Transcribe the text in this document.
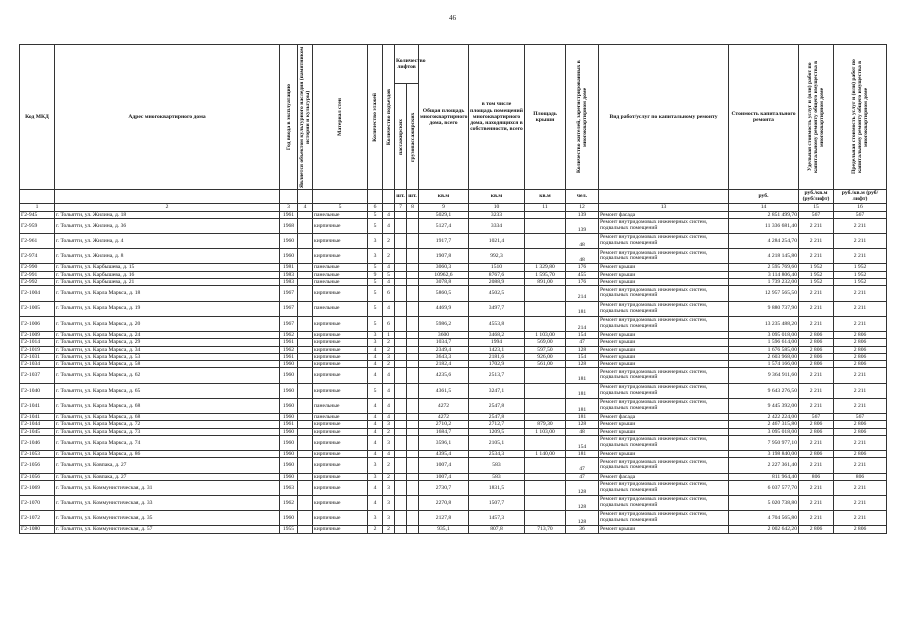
46
Код МКД	Адрес многоквартирного дома	Год ввода в эксплуатацию	Является объектом культурного наследия (памятником истории и культуры)	Материал стен	Количество этажей	Количество подъездов	Количество лифтов		Общая площадь многоквартирного дома, всего	в том числе площадь помещений многоквартирного дома, находящихся в собственности, всего	Площадь крыши	Количество жителей, зарегистрированных в многоквартирном доме	Вид работ/услуг по капитальному ремонту	Стоимость капитального ремонта	Удельная стоимость услуг и (или) работ по капитальному ремонту общего имущества в многоквартирном доме	Предельная стоимость услуг и (или) работ по капитальному ремонту общего имущества в многоквартирном доме

							пассажирских	грузопассажирских								

							шт.	шт.	кв.м	кв.м	кв.м	чел.		руб.	руб./кв.м (руб/лифт)	руб./кв.м (руб/лифт)
1	2	3	4	5	6		7	8	9	10	11	12	13	14	15	16
Г2-945	г. Тольятти, ул. Жилина, д. 18	1961		панельные	5	4			5029,1	3233		139	Ремонт фасада	2 851 499,70	567	567
Г2-959	г. Тольятти, ул. Жилина, д. 36	1968		кирпичные	5	4			5127,4	3334		139	Ремонт внутридомовых инженерных систем, подвальных помещений	11 336 681,40	2 211	2 211
Г2-961	г. Тольятти, ул. Жилина, д. 4	1960		кирпичные	3	2			1917,7	1021,4		48	Ремонт внутридомовых инженерных систем, подвальных помещений	4 284 254,70	2 211	2 211
Г2-974	г. Тольятти, ул. Жилина, д. 8	1960		кирпичные	3	2			1907,8	992,3		48	Ремонт внутридомовых инженерных систем, подвальных помещений	4 218 145,80	2 211	2 211
Г2-990	г. Тольятти, ул. Карбышева, д. 15	1981		панельные	5	4			3060,3	1510	1 329,80	176	Ремонт крыши	2 595 769,60	1 952	1 952
Г2-991	г. Тольятти, ул. Карбышева, д. 16	1983		панельные	9	5			10962,6	8767,6	1 595,70	455	Ремонт крыши	3 114 806,40	1 952	1 952
Г2-992	г. Тольятти, ул. Карбышева, д. 21	1983		панельные	5	4			3078,8	2088,9	891,00	176	Ремонт крыши	1 739 232,00	1 952	1 952
Г2-1004	г. Тольятти, ул. Карла Маркса, д. 18	1967		кирпичные	5	6			5860,5	4502,5		214	Ремонт внутридомовых инженерных систем, подвальных помещений	12 957 565,50	2 211	2 211
Г2-1005	г. Тольятти, ул. Карла Маркса, д. 19	1967		панельные	5	4			4469,9	3497,7		181	Ремонт внутридомовых инженерных систем, подвальных помещений	9 880 737,90	2 211	2 211
Г2-1006	г. Тольятти, ул. Карла Маркса, д. 20	1967		кирпичные	5	6			5986,2	4553,8		214	Ремонт внутридомовых инженерных систем, подвальных помещений	13 235 488,20	2 211	2 211
Г2-1009	г. Тольятти, ул. Карла Маркса, д. 24	1962		кирпичные	3	1			3600	3468,2	1 103,00	154	Ремонт крыши	3 095 018,00	2 806	2 806
Г2-1014	г. Тольятти, ул. Карла Маркса, д. 29	1961		кирпичные	3	2			1034,7	1994	569,00	47	Ремонт крыши	1 596 614,00	2 806	2 806
Г2-1019	г. Тольятти, ул. Карла Маркса, д. 34	1962		кирпичные	4	2			2349,4	1423,1	597,50	128	Ремонт крыши	1 676 585,00	2 806	2 806
Г2-1031	г. Тольятти, ул. Карла Маркса, д. 53	1961		кирпичные	4	3			3643,3	2181,6	926,00	154	Ремонт крыши	2 603 968,00	2 806	2 806
Г2-1034	г. Тольятти, ул. Карла Маркса, д. 58	1960		кирпичные	4	2			2182,4	1702,9	561,00	128	Ремонт крыши	1 574 166,00	2 806	2 806
Г2-1037	г. Тольятти, ул. Карла Маркса, д. 62	1960		кирпичные	4	4			4235,6	2513,7		181	Ремонт внутридомовых инженерных систем, подвальных помещений	9 364 911,60	2 211	2 211
Г2-1040	г. Тольятти, ул. Карла Маркса, д. 65	1960		кирпичные	5	4			4361,5	3247,1		181	Ремонт внутридомовых инженерных систем, подвальных помещений	9 643 276,50	2 211	2 211
Г2-1041	г. Тольятти, ул. Карла Маркса, д. 68	1960		панельные	4	4			4272	2547,8		181	Ремонт внутридомовых инженерных систем, подвальных помещений	9 445 392,00	2 211	2 211
Г2-1041	г. Тольятти, ул. Карла Маркса, д. 68	1960		панельные	4	4			4272	2547,8		181	Ремонт фасада	2 422 224,00	567	567
Г2-1044	г. Тольятти, ул. Карла Маркса, д. 72	1961		кирпичные	4	3			2710,2	2712,7	879,30	128	Ремонт крыши	2 467 315,80	2 806	2 806
Г2-1045	г. Тольятти, ул. Карла Маркса, д. 73	1960		кирпичные	4	2			1684,7	1209,5	1 103,00	48	Ремонт крыши	3 095 018,00	2 806	2 806
Г2-1046	г. Тольятти, ул. Карла Маркса, д. 74	1960		кирпичные	4	3			3596,1	2105,1		154	Ремонт внутридомовых инженерных систем, подвальных помещений	7 950 977,10	2 211	2 211
Г2-1053	г. Тольятти, ул. Карла Маркса, д. 86	1960		кирпичные	4	4			4395,4	2534,3	1 140,00	181	Ремонт крыши	3 198 840,00	2 806	2 806
Г2-1056	г. Тольятти, ул. Ковпака, д. 27	1960		кирпичные	3	2			1007,4	583		47	Ремонт внутридомовых инженерных систем, подвальных помещений	2 227 361,40	2 211	2 211
Г2-1056	г. Тольятти, ул. Ковпака, д. 27	1960		кирпичные	3	2			1007,4	583		47	Ремонт фасада	811 964,40	806	806
Г2-1069	г. Тольятти, ул. Коммунистическая, д. 31	1963		кирпичные	4	3			2730,7	1831,5		128	Ремонт внутридомовых инженерных систем, подвальных помещений	6 037 577,70	2 211	2 211
Г2-1070	г. Тольятти, ул. Коммунистическая, д. 33	1962		кирпичные	4	3			2270,8	1507,7		128	Ремонт внутридомовых инженерных систем, подвальных помещений	5 020 738,80	2 211	2 211
Г2-1072	г. Тольятти, ул. Коммунистическая, д. 35	1960		кирпичные	3	3			2127,8	1457,3		128	Ремонт внутридомовых инженерных систем, подвальных помещений	4 704 565,80	2 211	2 211
Г2-1080	г. Тольятти, ул. Коммунистическая, д. 57	1955		кирпичные	2	2			935,1	807,8	713,70	36	Ремонт крыши	2 002 642,20	2 806	2 806
